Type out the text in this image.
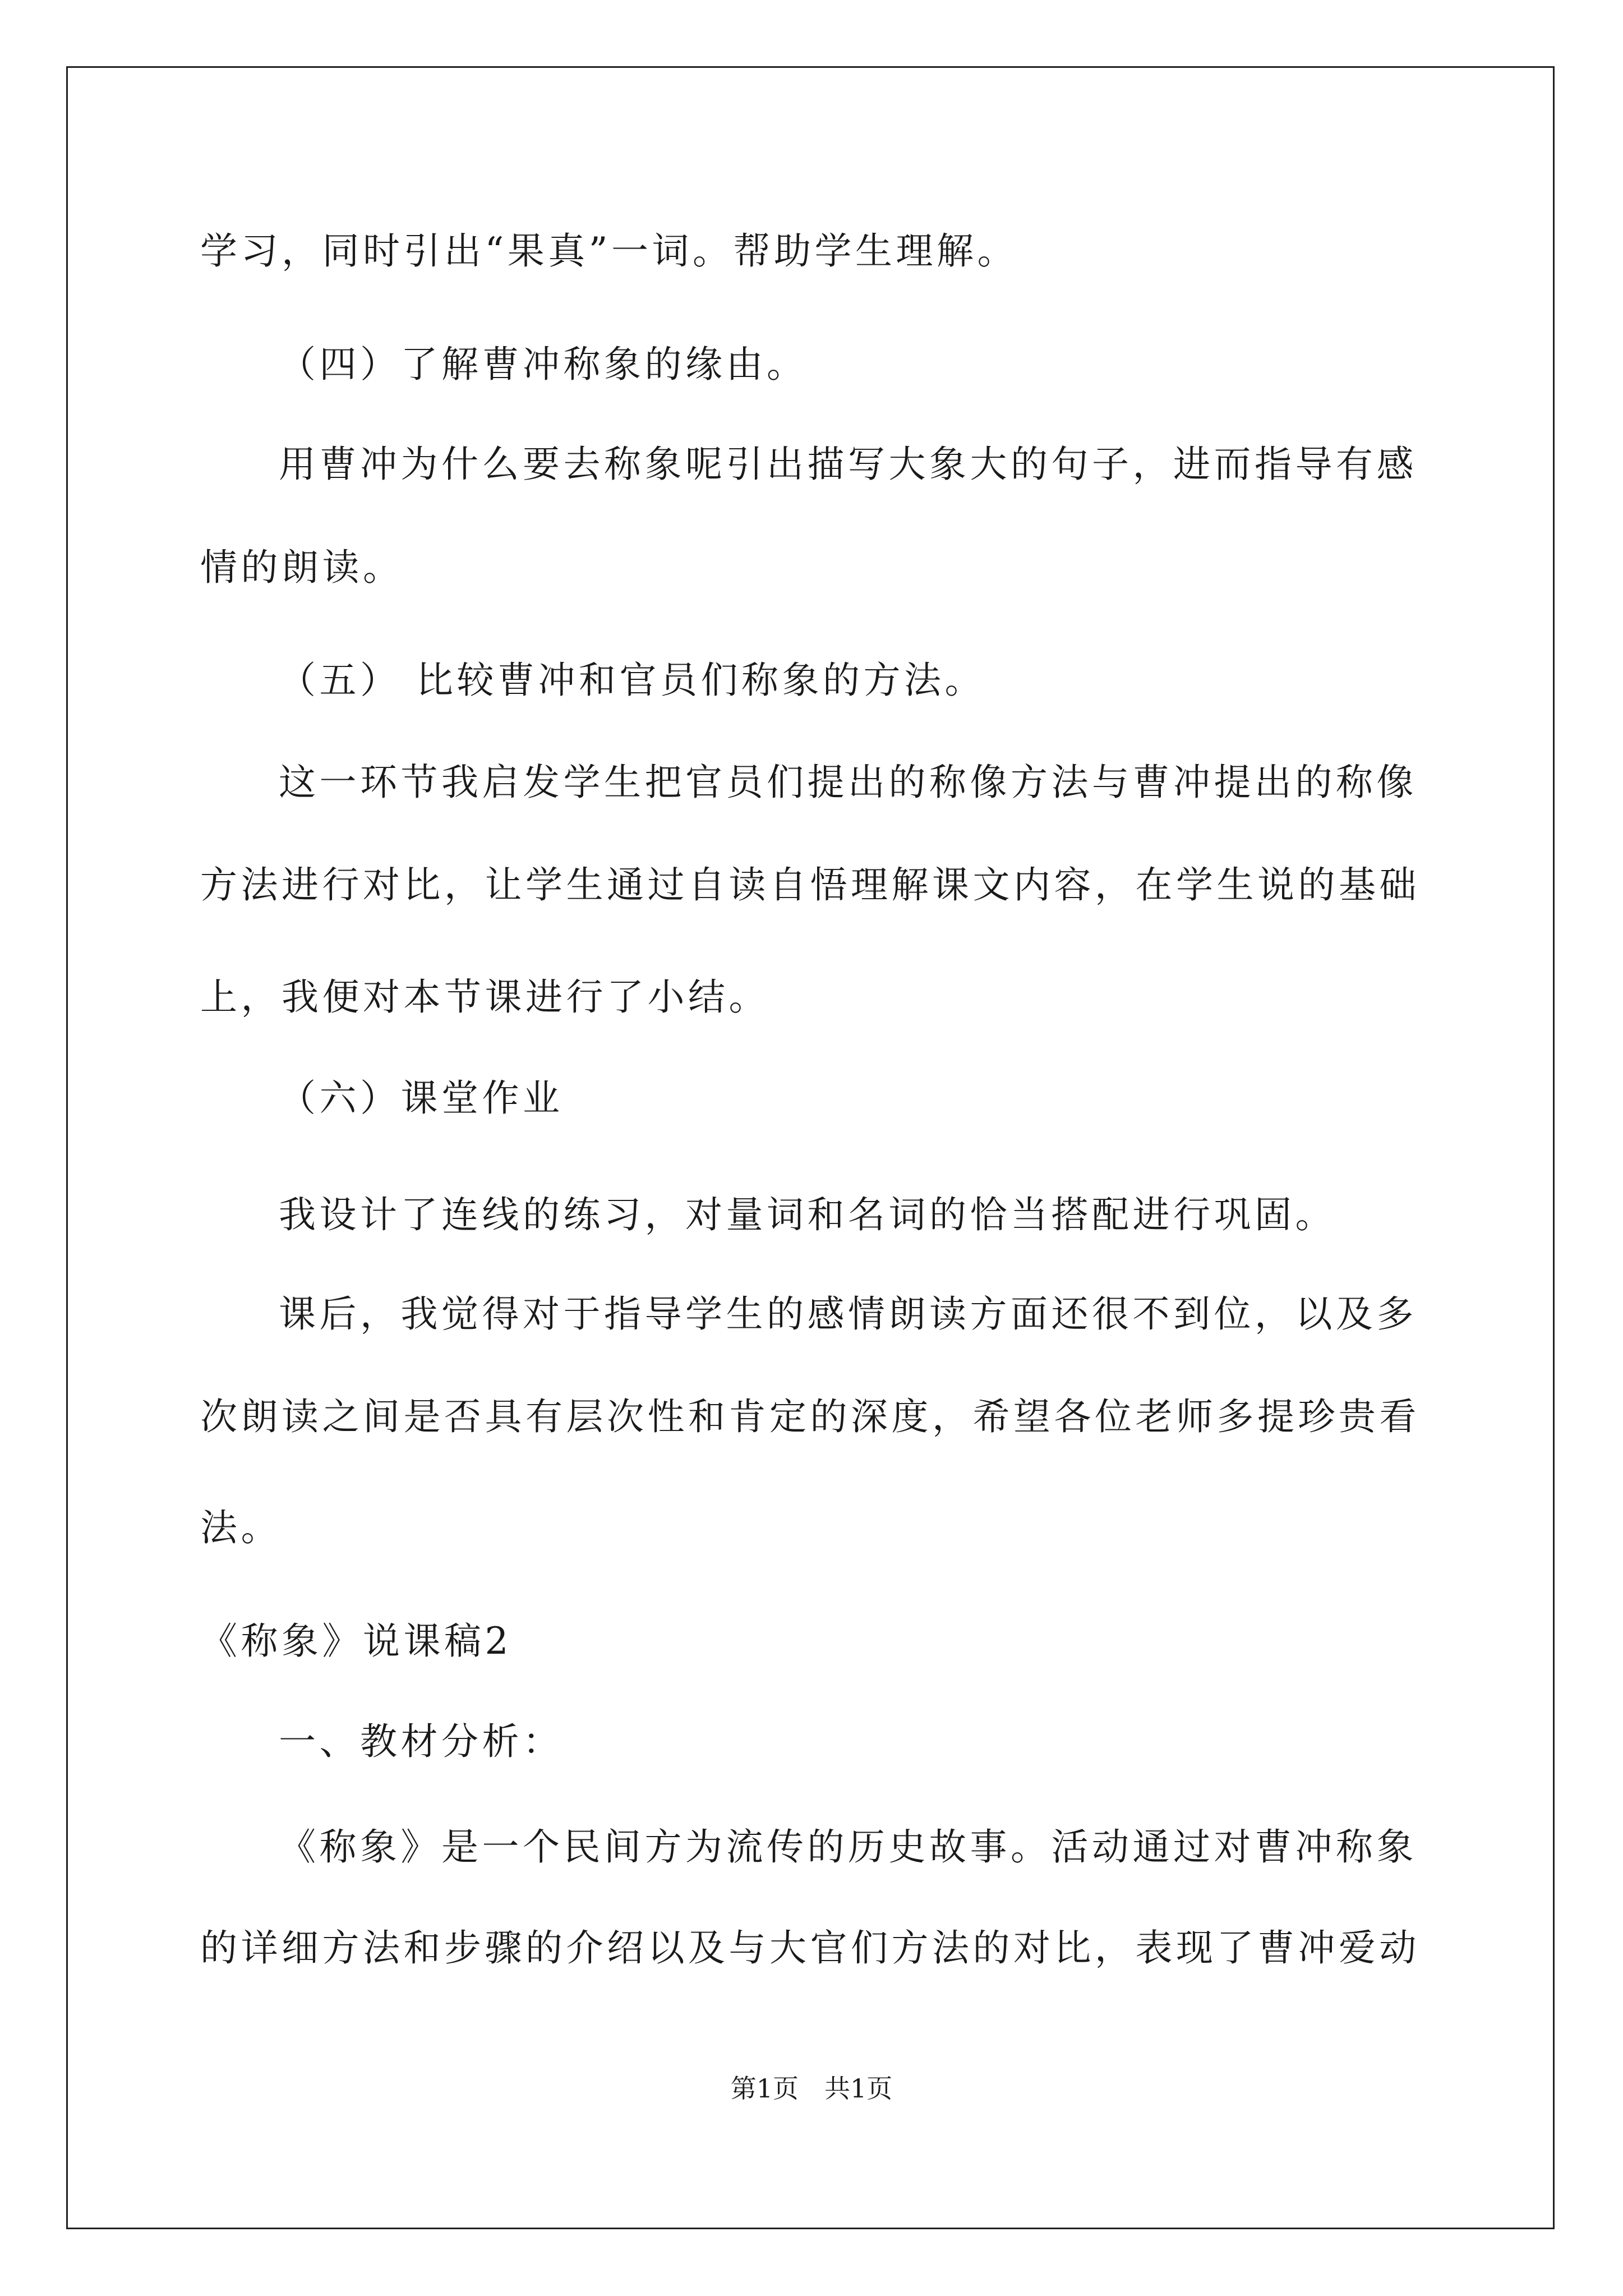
学习，同时引出“果真”一词。帮助学生理解。
（四）了解曹冲称象的缘由。
用曹冲为什么要去称象呢引出描写大象大的句子，进而指导有感
情的朗读。
（五） 比较曹冲和官员们称象的方法。
这一环节我启发学生把官员们提出的称像方法与曹冲提出的称像
方法进行对比，让学生通过自读自悟理解课文内容，在学生说的基础
上，我便对本节课进行了小结。
（六）课堂作业
我设计了连线的练习，对量词和名词的恰当搭配进行巩固。
课后，我觉得对于指导学生的感情朗读方面还很不到位，以及多
次朗读之间是否具有层次性和肯定的深度，希望各位老师多提珍贵看
法。
《称象》说课稿2
一、教材分析：
《称象》是一个民间方为流传的历史故事。活动通过对曹冲称象
的详细方法和步骤的介绍以及与大官们方法的对比，表现了曹冲爱动
第1页　共1页
